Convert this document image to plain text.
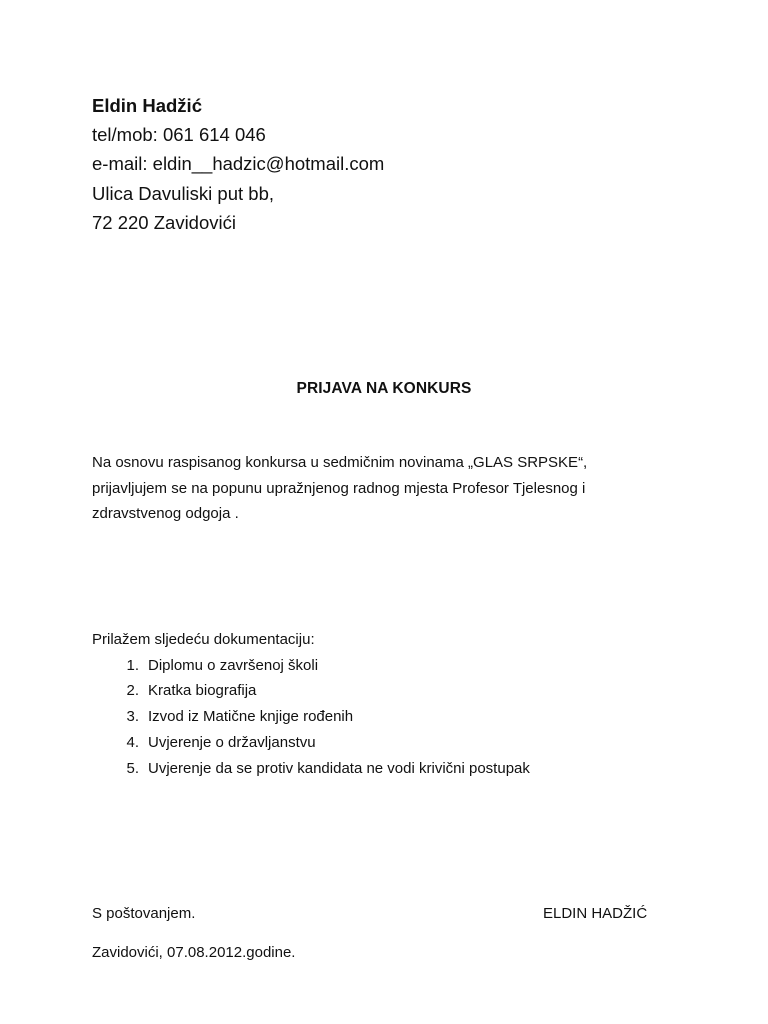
Eldin Hadžić
tel/mob: 061 614 046
e-mail: eldin__hadzic@hotmail.com
Ulica Davuliski put bb,
72 220 Zavidovići
PRIJAVA NA KONKURS

Na osnovu raspisanog konkursa u sedmičnim novinama „GLAS SRPSKE“,

prijavljujem se na popunu upražnjenog radnog mjesta Profesor Tjelesnog i

zdravstvenog odgoja .

Prilažem sljedeću dokumentaciju:

1. Diplomu o završenoj školi
2. Kratka biografija
3. Izvod iz Matične knjige rođenih
4. Uvjerenje o državljanstvu
5. Uvjerenje da se protiv kandidata ne vodi krivični postupak
S poštovanjem.	ELDIN HADŽIĆ
Zavidovići, 07.08.2012.godine.
